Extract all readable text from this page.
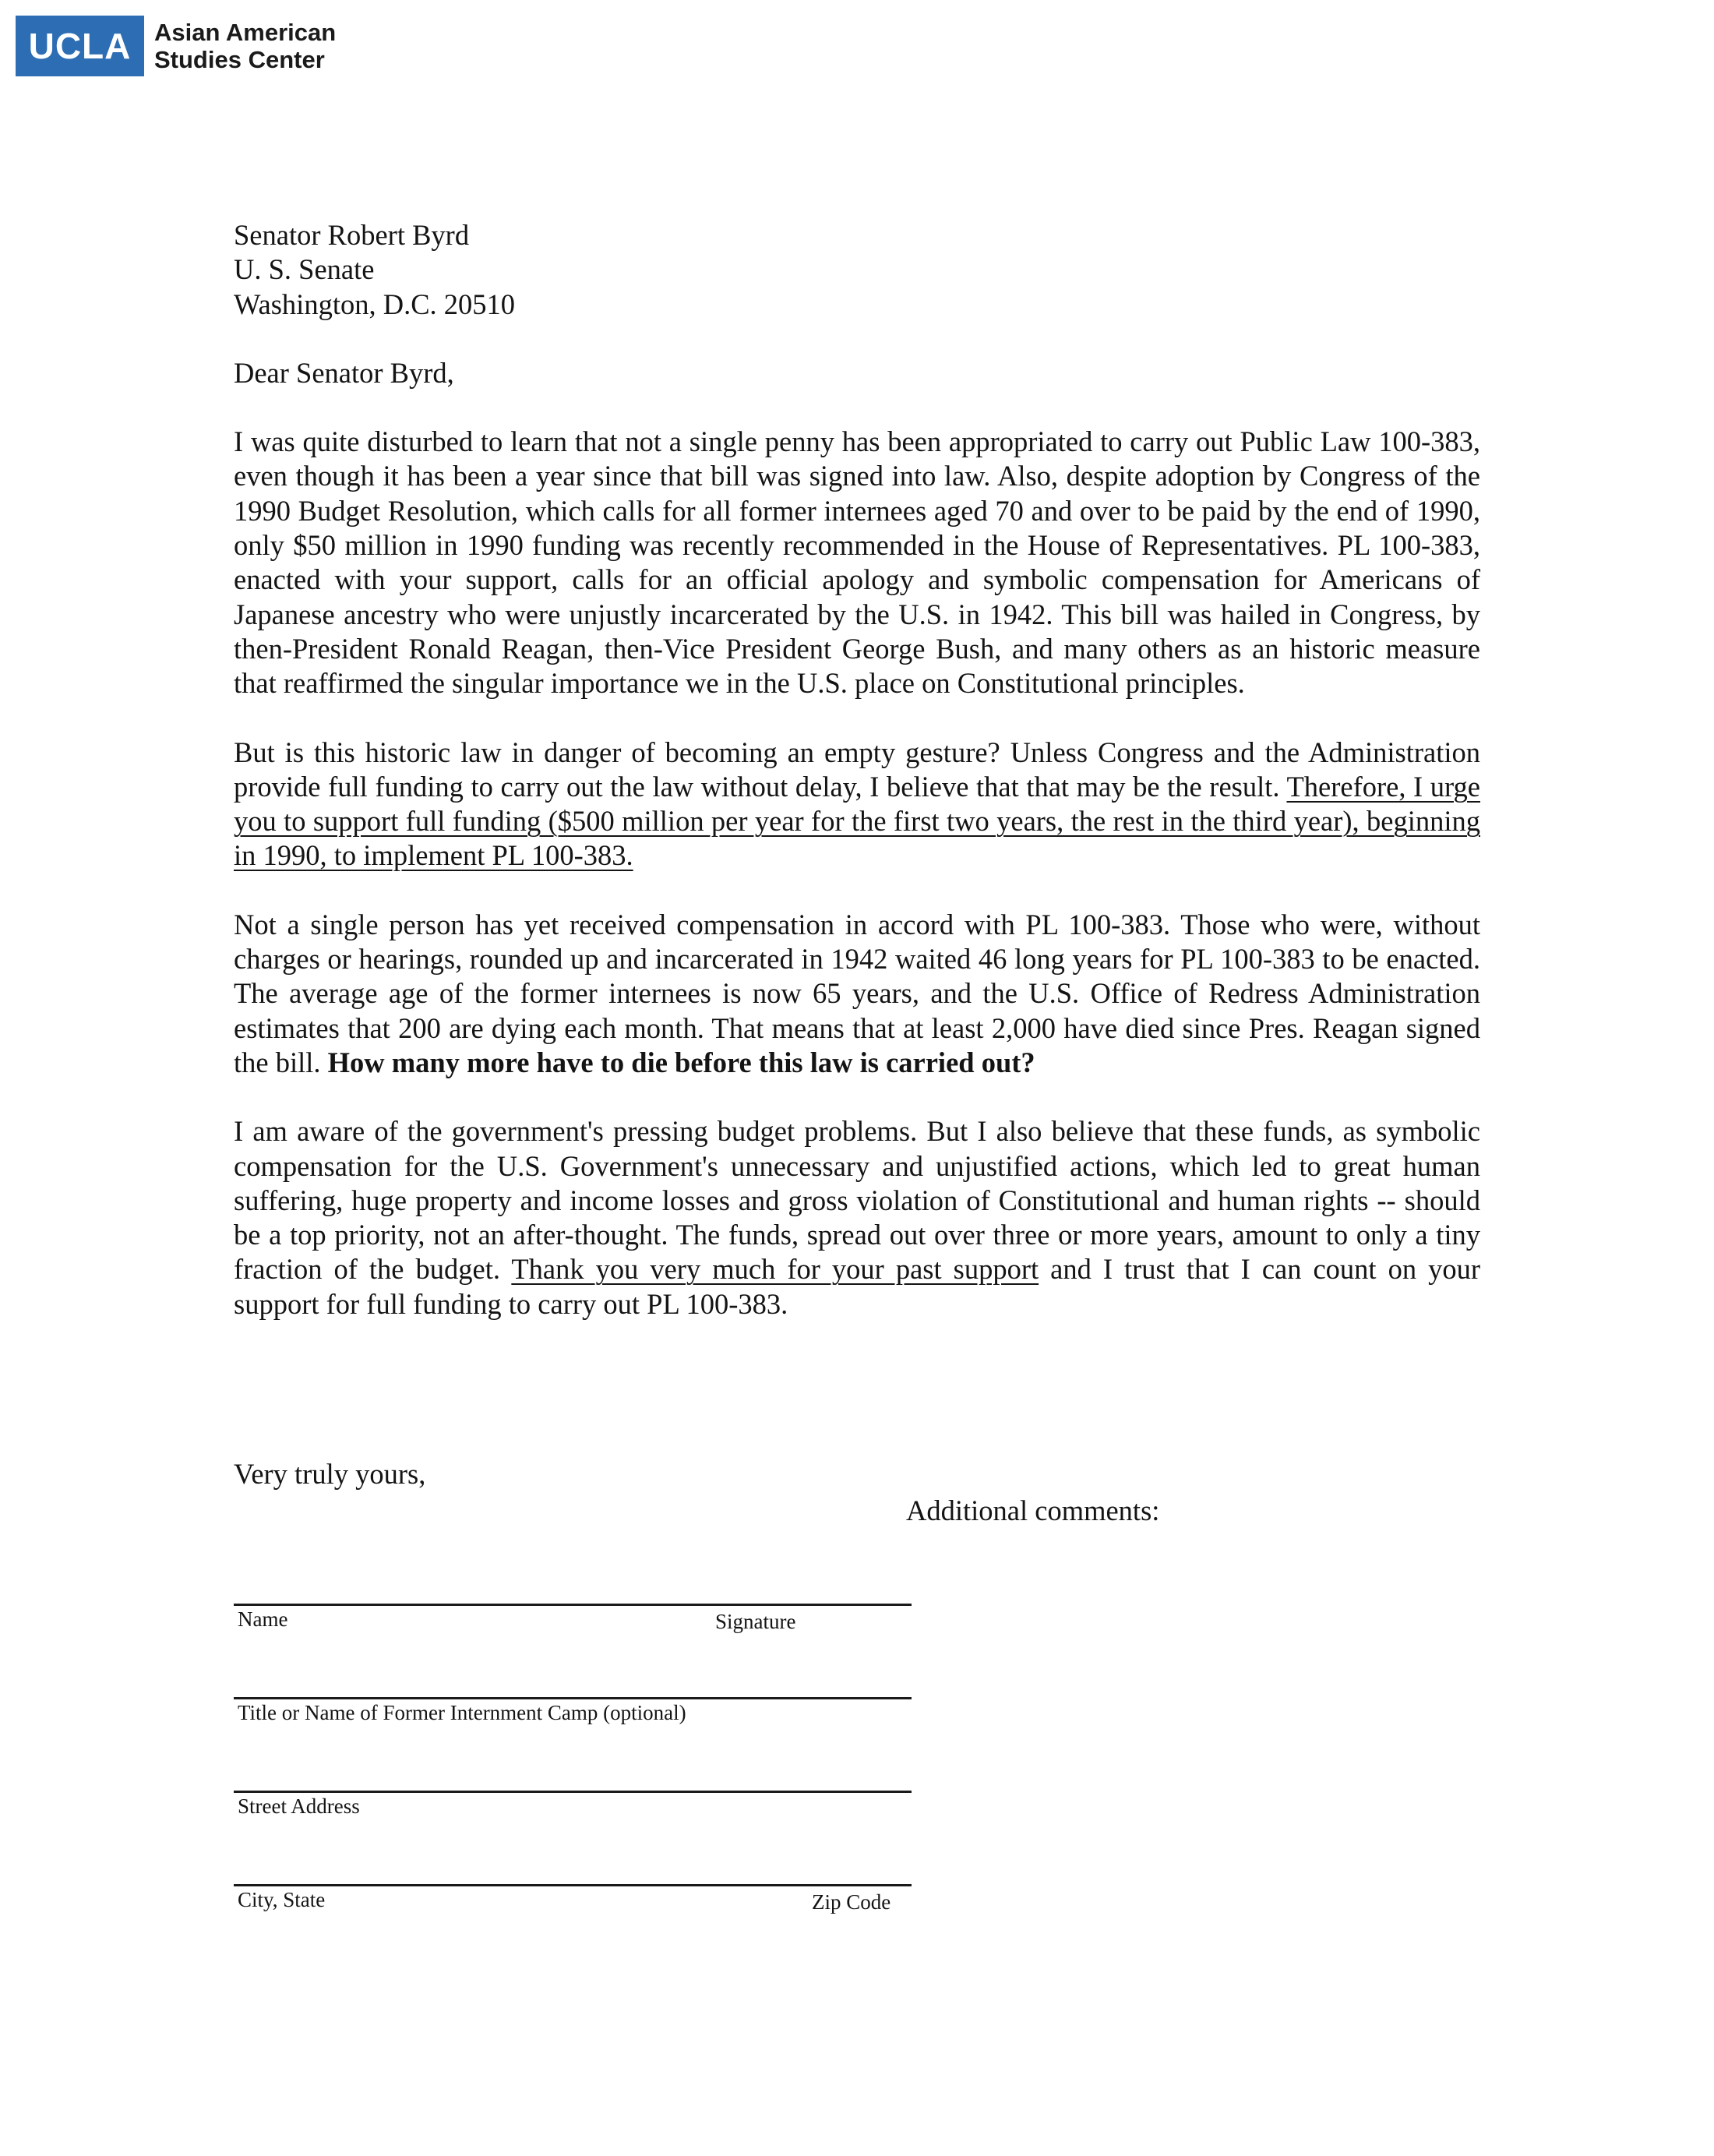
UCLA Asian American
Studies Center
Senator Robert Byrd
U. S. Senate
Washington, D.C. 20510

Dear Senator Byrd,

I was quite disturbed to learn that not a single penny has been appropriated to carry out Public Law 100-383, even though it has been a year since that bill was signed into law. Also, despite adoption by Congress of the 1990 Budget Resolution, which calls for all former internees aged 70 and over to be paid by the end of 1990, only $50 million in 1990 funding was recently recommended in the House of Representatives. PL 100-383, enacted with your support, calls for an official apology and symbolic compensation for Americans of Japanese ancestry who were unjustly incarcerated by the U.S. in 1942. This bill was hailed in Congress, by then-President Ronald Reagan, then-Vice President George Bush, and many others as an historic measure that reaffirmed the singular importance we in the U.S. place on Constitutional principles.

But is this historic law in danger of becoming an empty gesture? Unless Congress and the Administration provide full funding to carry out the law without delay, I believe that that may be the result. Therefore, I urge you to support full funding ($500 million per year for the first two years, the rest in the third year), beginning in 1990, to implement PL 100-383.

Not a single person has yet received compensation in accord with PL 100-383. Those who were, without charges or hearings, rounded up and incarcerated in 1942 waited 46 long years for PL 100-383 to be enacted. The average age of the former internees is now 65 years, and the U.S. Office of Redress Administration estimates that 200 are dying each month. That means that at least 2,000 have died since Pres. Reagan signed the bill. How many more have to die before this law is carried out?

I am aware of the government's pressing budget problems. But I also believe that these funds, as symbolic compensation for the U.S. Government's unnecessary and unjustified actions, which led to great human suffering, huge property and income losses and gross violation of Constitutional and human rights -- should be a top priority, not an after-thought. The funds, spread out over three or more years, amount to only a tiny fraction of the budget. Thank you very much for your past support and I trust that I can count on your support for full funding to carry out PL 100-383.

Very truly yours,
Additional comments:
Name	Signature
Title or Name of Former Internment Camp (optional)
Street Address
City, State	Zip Code
